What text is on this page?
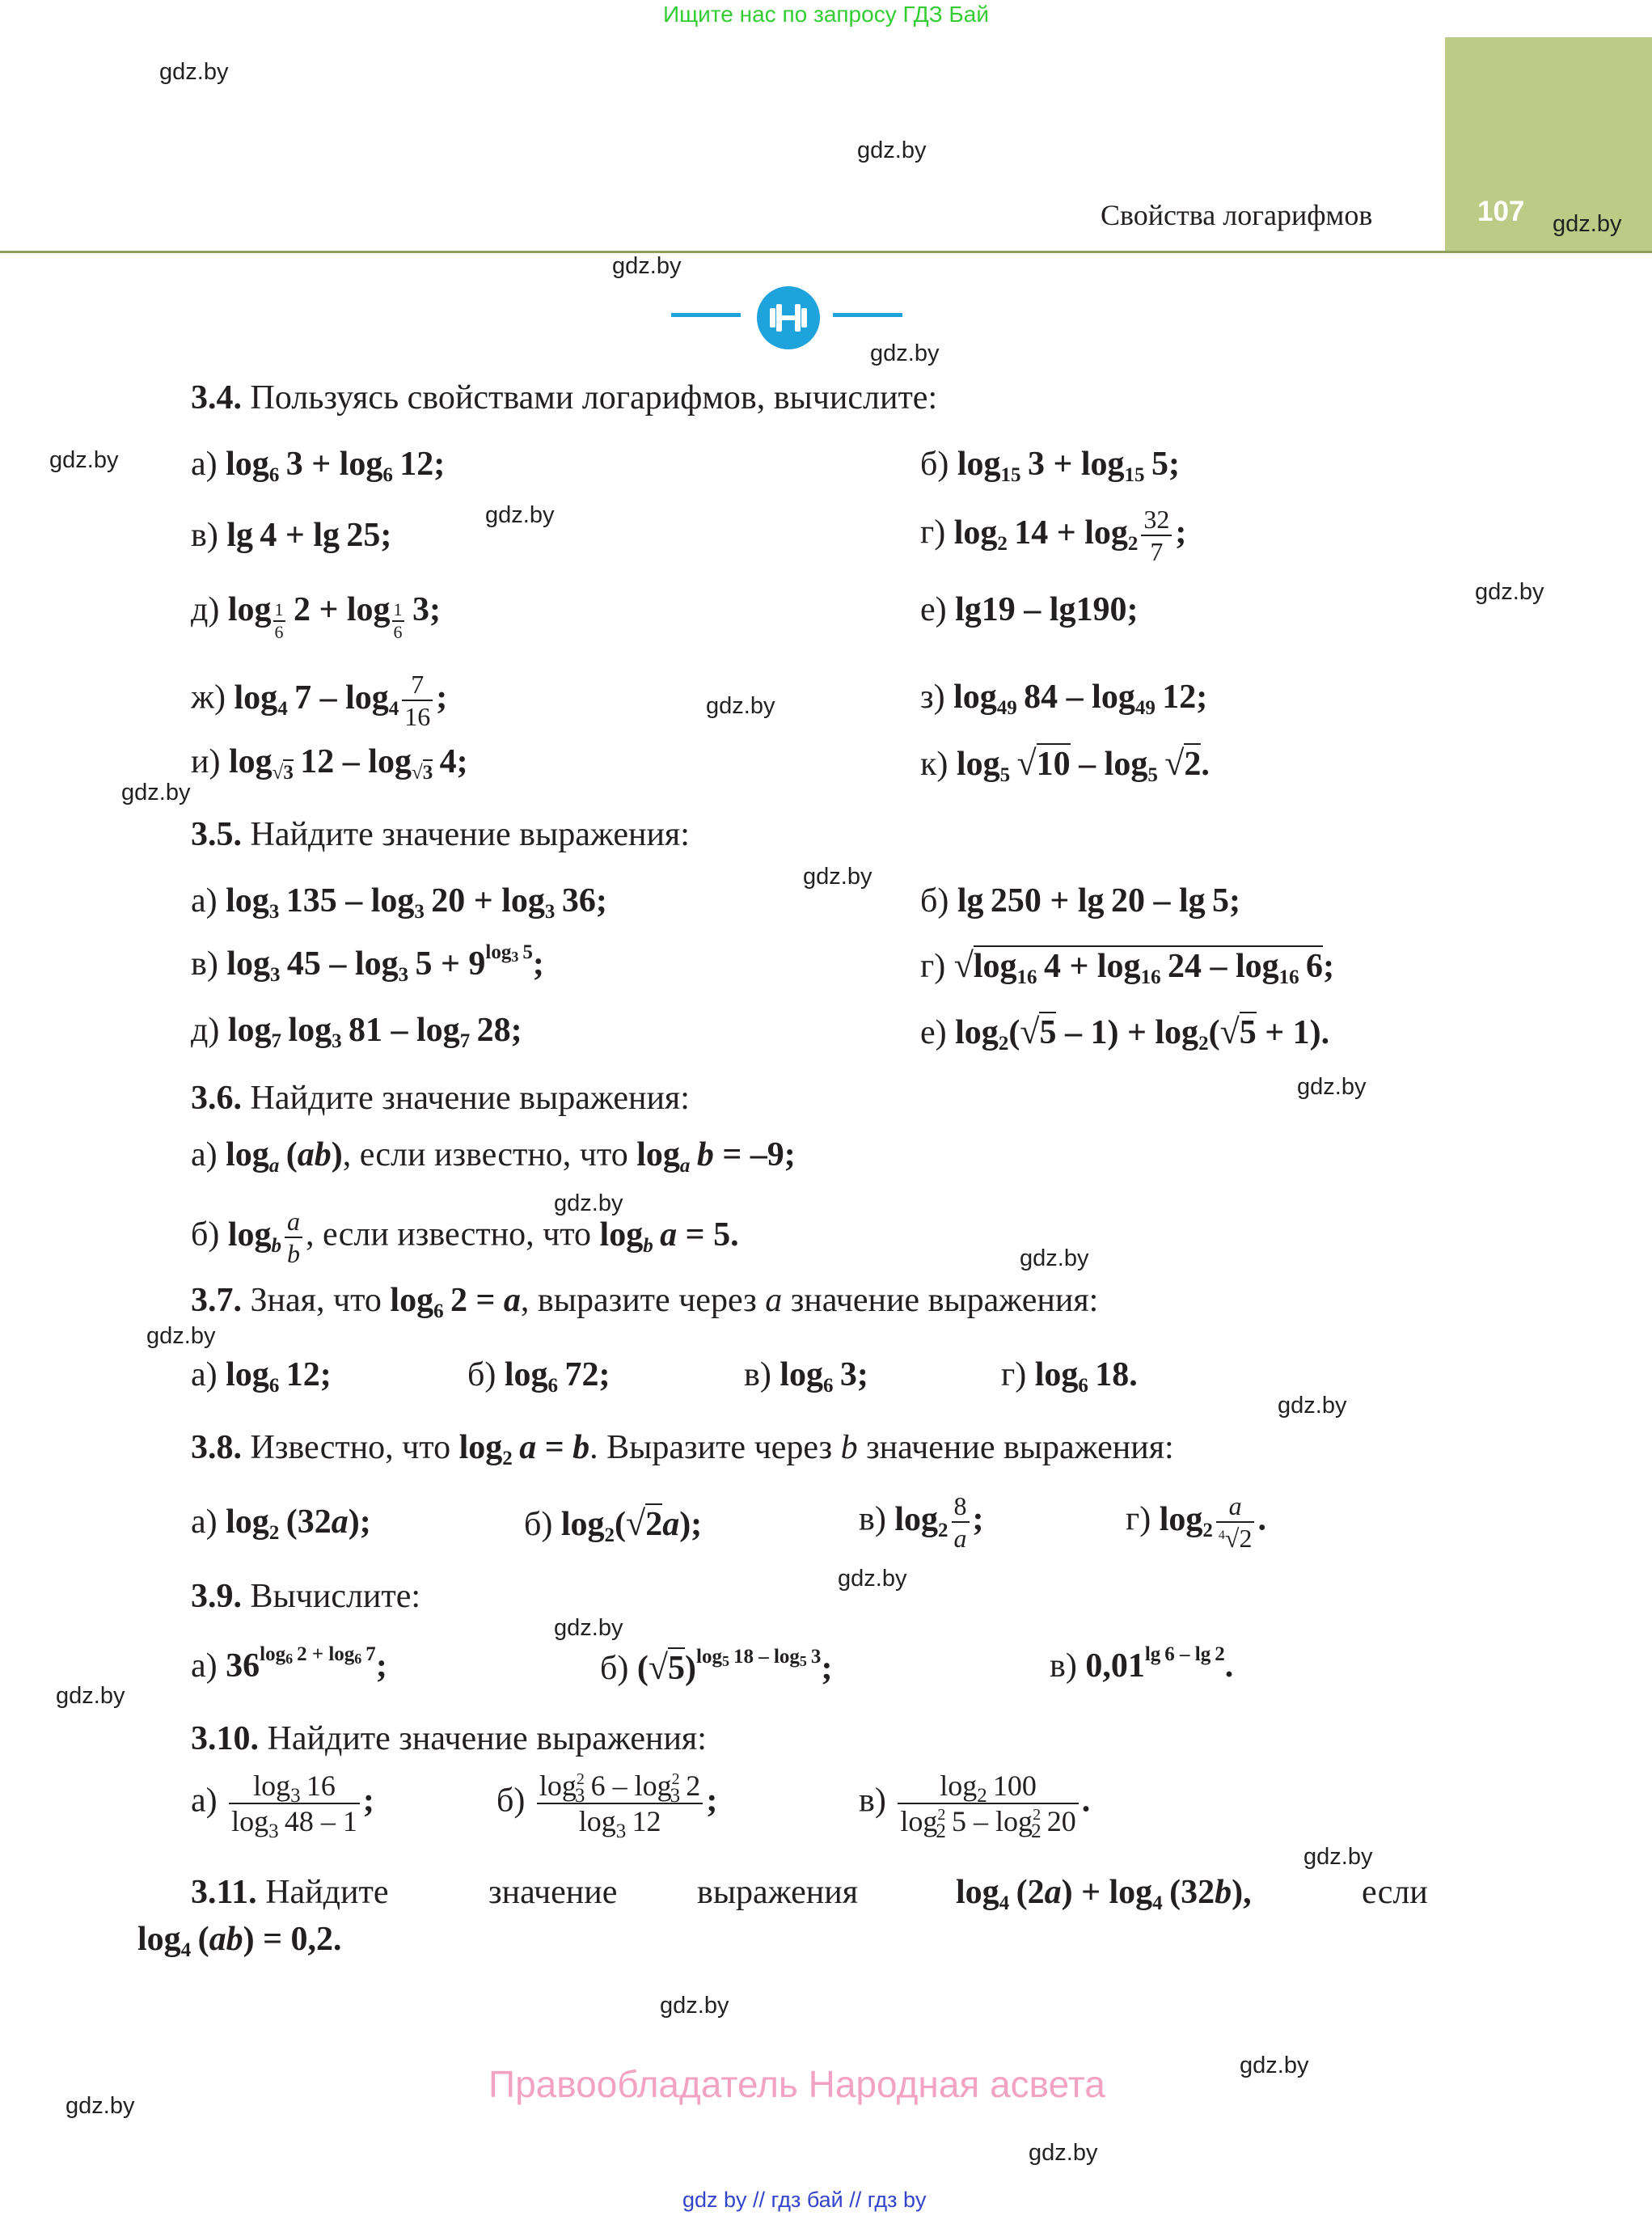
Ищите нас по запросу ГДЗ Бай
107
Свойства логарифмов
3.4. Пользуясь свойствами логарифмов, вычислите:
а) $\log_6 3 + \log_6 12$;	б) $\log_{15} 3 + \log_{15} 5$;
в) lg 4 + lg 25;	г) $\log_2 14 + \log_2 \frac{32}{7}$ ;
д) $\log \frac{1}{6} 2 + \log \frac{1}{6} 3$;	е) lg19 – lg190;
ж) $\log_4 7 - \log_4 \frac{7}{16}$ ;	з) $\log_{49} 84 - \log_{49} 12$;
и) $\log_{√3} 12 - \log_{√3} 4$;	к) $\log_5 √10 - \log_5 √2$.
3.5. Найдите значение выражения:
а) $\log_3 135 - \log_3 20 + \log_3 36$;	б) lg 250 + lg 20 – lg 5;
в) $\log_3 45 - \log_3 5 + 9^{log_3 5}$;	г) $√\log_{16}$ $4 + \log_{16} 24 - \log_{16} 6$;
д) $\log_7 \log_3 81 - \log_7 28$;	е) $\log_2(√5 - 1) + \log_2(√5 + 1)$.
3.6. Найдите значение выражения:
а) $\log_a (ab)$, если известно, что $\log_a b = -9$;
б) $\log_b \frac{a}{b}$ , если известно, что $\log_b a = 5$.
3.7. Зная, что $\log_6 2 = a$, выразите через a значение выражения:
а) $\log_6 12$;	б) $\log_6 72$;	в) $\log_6 3$;	г) $\log_6 18$.
3.8. Известно, что $\log_2 a = b$. Выразите через b значение выражения:
а) $\log_2 (32a)$;	б) $\log_2(√2a)$;	в) $\log_2 \frac{8}{a}$ ;	г) $\log_2 \frac{a}{^4√2}$ .
3.9. Вычислите:
а) $36^{log_6 2 + log_6 7}$;	б) $(√5)^{log_5 18 - log_5 3}$;	в) $0,01^{lg 6 - lg 2}$.
3.10. Найдите значение выражения:
$а) \frac{\log_3 16}{\log_3 48 - 1}$ ;	$б) \frac{\log^2_3 6 - \log^2_3 2}{\log_3 12}$ ;	$в) \frac{\log_2 100}{\log^2_2 5 - \log^2_2 20}$ .
3.11. Найдите	значение выражения	$\log_4 (2a) + \log_4 (32b)$,	если
$\log_4 (ab) = 0,2$.
gdz.by
gdz.by
gdz.by
gdz.by
gdz.by
gdz.by
gdz.by
gdz.by
gdz.by
gdz.by
gdz.by
gdz.by
gdz.by
gdz.by
gdz.by
gdz.by
gdz.by
gdz.by
gdz.by
gdz.by
gdz.by
gdz.by
gdz.by
gdz.by
Правообладатель Народная асвета
gdz by // гдз бай // гдз by
